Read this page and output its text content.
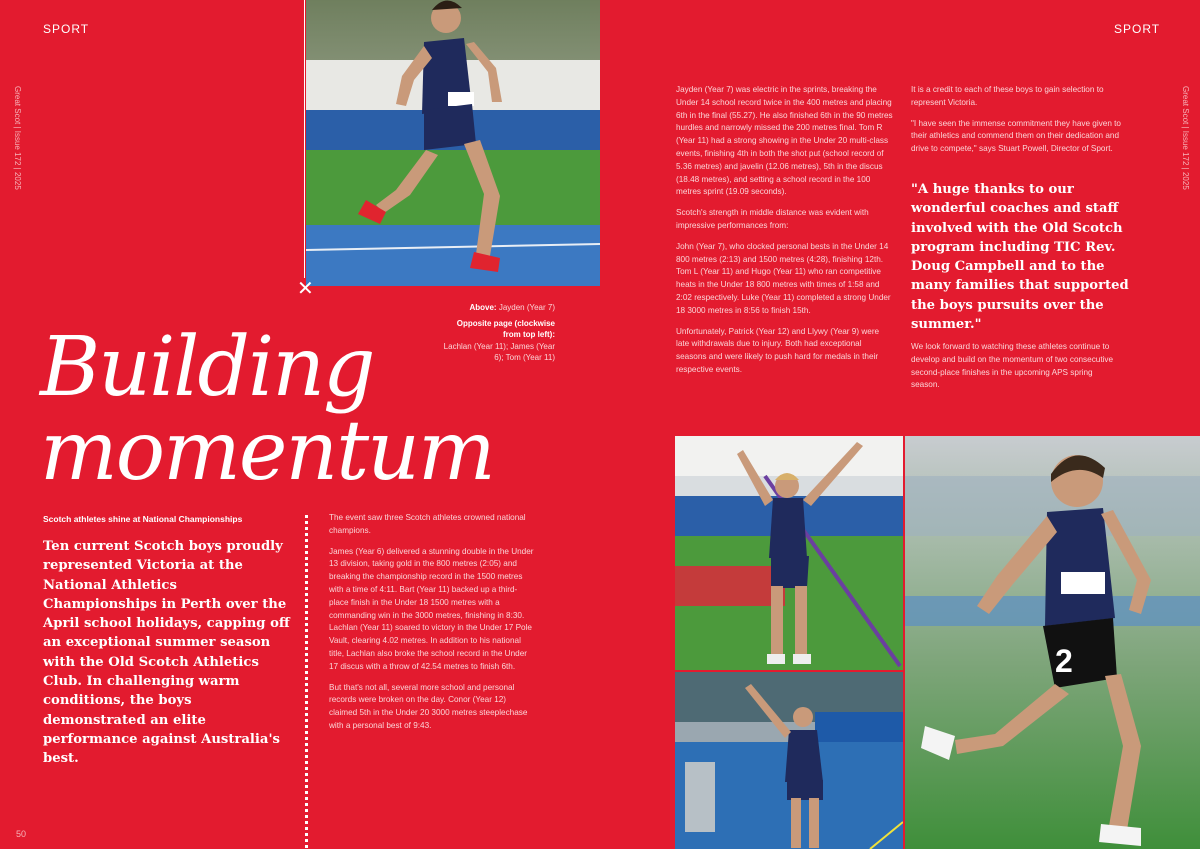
SPORT	SPORT
Great Scot | Issue 172 | 2025	Great Scot | Issue 172 | 2025
50
✕
Above: Jayden (Year 7)
Opposite page (clockwise from top left):
Lachlan (Year 11); James (Year 6); Tom (Year 11)
Building
momentum
Scotch athletes shine at National Championships
Ten current Scotch boys proudly represented Victoria at the National Athletics Championships in Perth over the April school holidays, capping off an exceptional summer season with the Old Scotch Athletics Club. In challenging warm conditions, the boys demonstrated an elite performance against Australia's best.

The event saw three Scotch athletes crowned national champions.

James (Year 6) delivered a stunning double in the Under 13 division, taking gold in the 800 metres (2:05) and breaking the championship record in the 1500 metres with a time of 4:11. Bart (Year 11) backed up a third-place finish in the Under 18 1500 metres with a commanding win in the 3000 metres, finishing in 8:30. Lachlan (Year 11) soared to victory in the Under 17 Pole Vault, clearing 4.02 metres. In addition to his national title, Lachlan also broke the school record in the Under 17 discus with a throw of 42.54 metres to finish 6th.

But that's not all, several more school and personal records were broken on the day. Conor (Year 12) claimed 5th in the Under 20 3000 metres steeplechase with a personal best of 9:43.

Jayden (Year 7) was electric in the sprints, breaking the Under 14 school record twice in the 400 metres and placing 6th in the final (55.27). He also finished 6th in the 90 metres hurdles and narrowly missed the 200 metres final. Tom R (Year 11) had a strong showing in the Under 20 multi-class events, finishing 4th in both the shot put (school record of 5.36 metres) and javelin (12.06 metres), 5th in the discus (18.48 metres), and setting a school record in the 100 metres sprint (19.09 seconds).

Scotch's strength in middle distance was evident with impressive performances from:

John (Year 7), who clocked personal bests in the Under 14 800 metres (2:13) and 1500 metres (4:28), finishing 12th. Tom L (Year 11) and Hugo (Year 11) who ran competitive heats in the Under 18 800 metres with times of 1:58 and 2:02 respectively. Luke (Year 11) completed a strong Under 18 3000 metres in 8:56 to finish 15th.

Unfortunately, Patrick (Year 12) and Llywy (Year 9) were late withdrawals due to injury. Both had exceptional seasons and were likely to push hard for medals in their respective events.

It is a credit to each of these boys to gain selection to represent Victoria.

"I have seen the immense commitment they have given to their athletics and commend them on their dedication and drive to compete," says Stuart Powell, Director of Sport.

"A huge thanks to our wonderful coaches and staff involved with the Old Scotch program including TIC Rev. Doug Campbell and to the many families that supported the boys pursuits over the summer."
We look forward to watching these athletes continue to develop and build on the momentum of two consecutive second-place finishes in the upcoming APS spring season.
2
